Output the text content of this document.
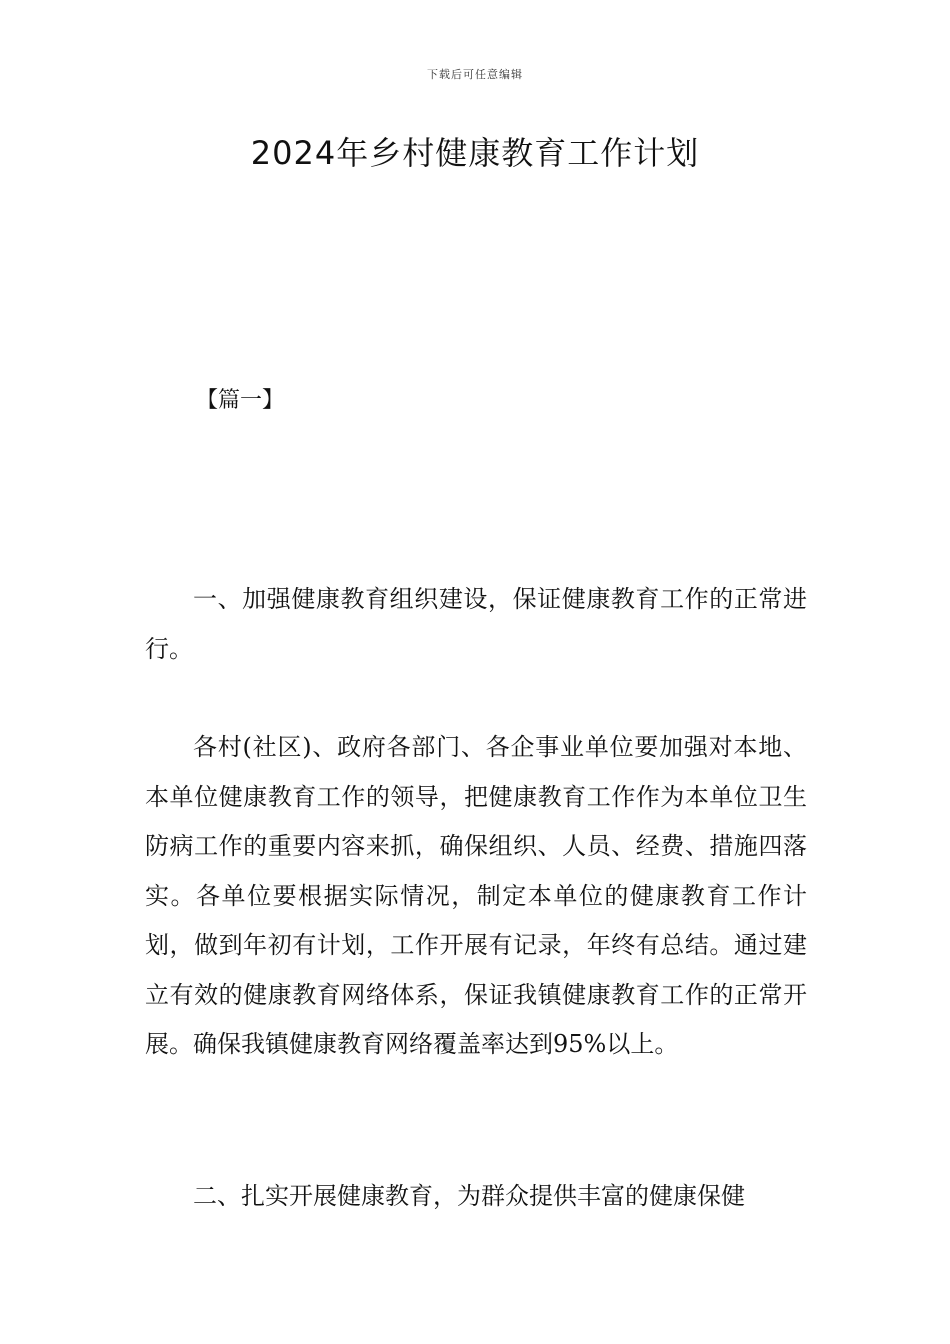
下载后可任意编辑
2024年乡村健康教育工作计划
【篇一】

一、加强健康教育组织建设，保证健康教育工作的正常进行。

各村(社区)、政府各部门、各企事业单位要加强对本地、本单位健康教育工作的领导，把健康教育工作作为本单位卫生防病工作的重要内容来抓，确保组织、人员、经费、措施四落实。各单位要根据实际情况，制定本单位的健康教育工作计划，做到年初有计划，工作开展有记录，年终有总结。通过建立有效的健康教育网络体系，保证我镇健康教育工作的正常开展。确保我镇健康教育网络覆盖率达到95%以上。

二、扎实开展健康教育，为群众提供丰富的健康保健
